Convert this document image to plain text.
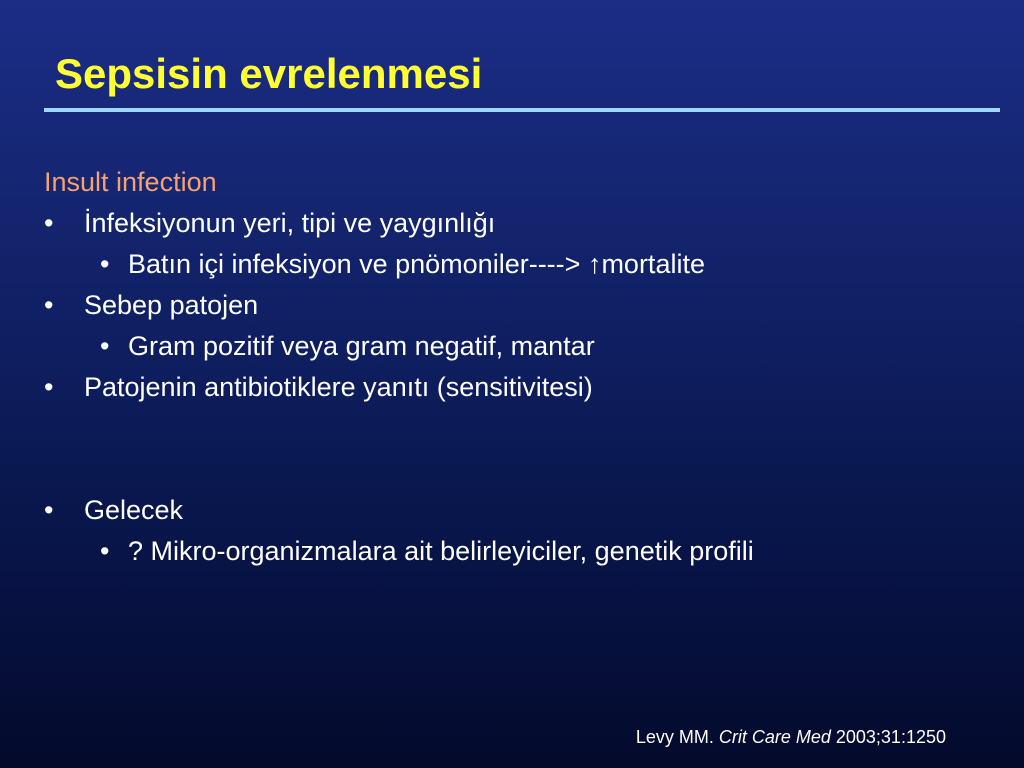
Sepsisin evrelenmesi
Insult infection
• İnfeksiyonun yeri, tipi ve yaygınlığı
• Batın içi infeksiyon ve pnömoniler----> ↑mortalite
• Sebep patojen
• Gram pozitif veya gram negatif, mantar
• Patojenin antibiotiklere yanıtı (sensitivitesi)
• Gelecek
• ? Mikro-organizmalara ait belirleyiciler, genetik profili
Levy MM. Crit Care Med 2003;31:1250
